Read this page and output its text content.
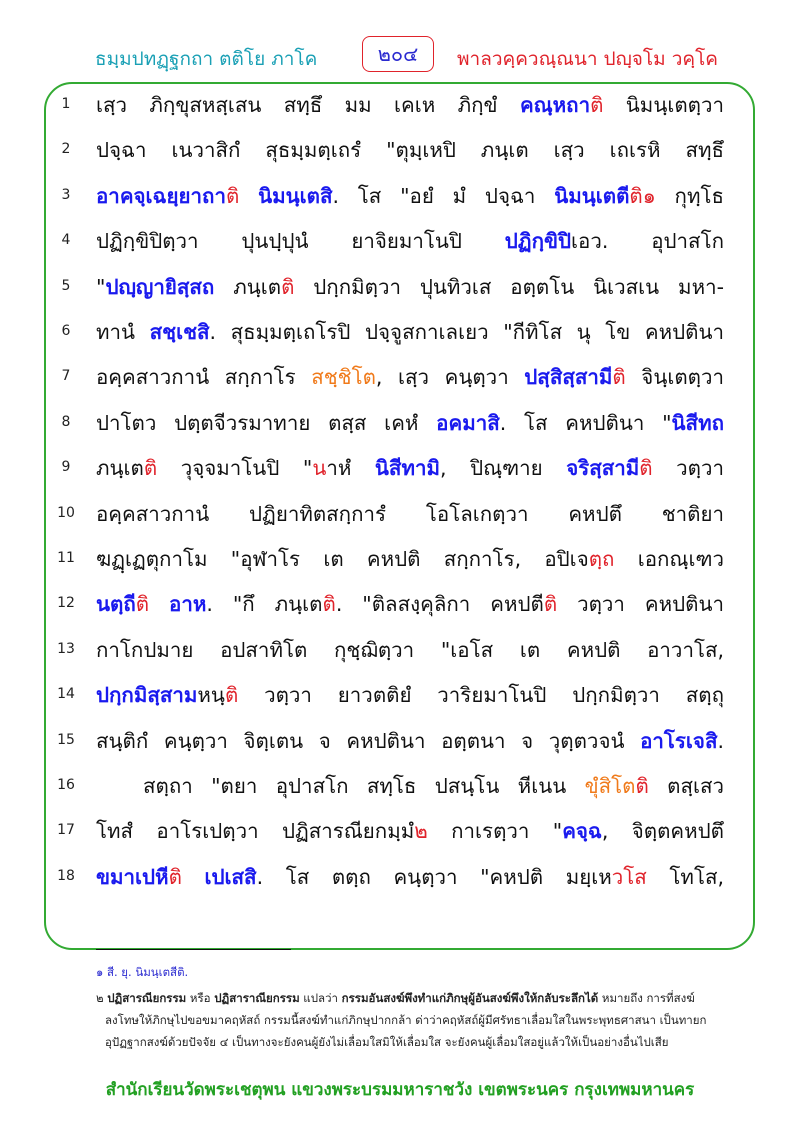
ธมฺมปทฏฺฐกถา ตติโย ภาโค	๒๐๔	พาลวคฺควณฺณนา ปญฺจโม วคฺโค
1	เสฺว ภิกฺขุสหสฺเสน สทฺธึ มม เคเห ภิกฺขํ คณฺหถาติ นิมนฺเตตฺวา
2	ปจฺฉา เนวาสิกํ สุธมฺมตฺเถรํ "ตุมฺเหปิ ภนฺเต เสฺว เถเรหิ สทฺธึ
3	อาคจฺเฉยฺยาถาติ นิมนฺเตสิ. โส "อยํ มํ ปจฺฉา นิมนฺเตตีติ๑ กุทฺโธ
4	ปฏิกฺขิปิตฺวา ปุนปฺปุนํ ยาจิยมาโนปิ ปฏิกฺขิปิเอว. อุปาสโก
5	"ปญฺญายิสฺสถ ภนฺเตติ ปกฺกมิตฺวา ปุนทิวเส อตฺตโน นิเวสเน มหา-
6	ทานํ สชฺเชสิ. สุธมฺมตฺเถโรปิ ปจฺจูสกาเลเยว "กีทิโส นุ โข คหปตินา
7	อคฺคสาวกานํ สกฺกาโร สชฺชิโต, เสฺว คนฺตฺวา ปสฺสิสฺสามีติ จินฺเตตฺวา
8	ปาโตว ปตฺตจีวรมาทาย ตสฺส เคหํ อคมาสิ. โส คหปตินา "นิสีทถ
9	ภนฺเตติ วุจฺจมาโนปิ "นาหํ นิสีทามิ, ปิณฺฑาย จริสฺสามีติ วตฺวา
10	อคฺคสาวกานํ ปฏิยาทิตสกฺการํ โอโลเกตฺวา คหปตึ ชาติยา
11	ฆฏฺเฏตุกาโม "อุฬาโร เต คหปติ สกฺกาโร, อปิเจตฺถ เอกณฺเฑว
12	นตฺถีติ อาห. "กึ ภนฺเตติ. "ติลสงฺคุลิกา คหปตีติ วตฺวา คหปตินา
13	กาโกปมาย อปสาทิโต กุชฺฌิตฺวา "เอโส เต คหปติ อาวาโส,
14	ปกฺกมิสฺสามหนฺติ วตฺวา ยาวตติยํ วาริยมาโนปิ ปกฺกมิตฺวา สตฺถุ
15	สนฺติกํ คนฺตฺวา จิตฺเตน จ คหปตินา อตฺตนา จ วุตฺตวจนํ อาโรเจสิ.
16	สตฺถา "ตยา อุปาสโก สทฺโธ ปสนฺโน หีเนน ขุํสิโตติ ตสฺเสว
17	โทสํ อาโรเปตฺวา ปฏิสารณียกมฺมํ๒ กาเรตฺวา "คจฺฉ, จิตฺตคหปตึ
18	ขมาเปหีติ เปเสสิ. โส ตตฺถ คนฺตฺวา "คหปติ มยฺเหวโส โทโส,
๑ สี. ยุ. นิมนฺเตสีติ.
๒ ปฏิสารณียกรรม หรือ ปฏิสาราณียกรรม แปลว่า กรรมอันสงฆ์พึงทำแก่ภิกษุผู้อันสงฆ์พึงให้กลับระลึกได้ หมายถึง การที่สงฆ์
ลงโทษให้ภิกษุไปขอขมาคฤหัสถ์ กรรมนี้สงฆ์ทำแก่ภิกษุปากกล้า ด่าว่าคฤหัสถ์ผู้มีศรัทธาเลื่อมใสในพระพุทธศาสนา เป็นทายก
อุปัฏฐากสงฆ์ด้วยปัจจัย ๔ เป็นทางจะยังคนผู้ยังไม่เลื่อมใสมิให้เลื่อมใส จะยังคนผู้เลื่อมใสอยู่แล้วให้เป็นอย่างอื่นไปเสีย
สำนักเรียนวัดพระเชตุพน แขวงพระบรมมหาราชวัง เขตพระนคร กรุงเทพมหานคร
